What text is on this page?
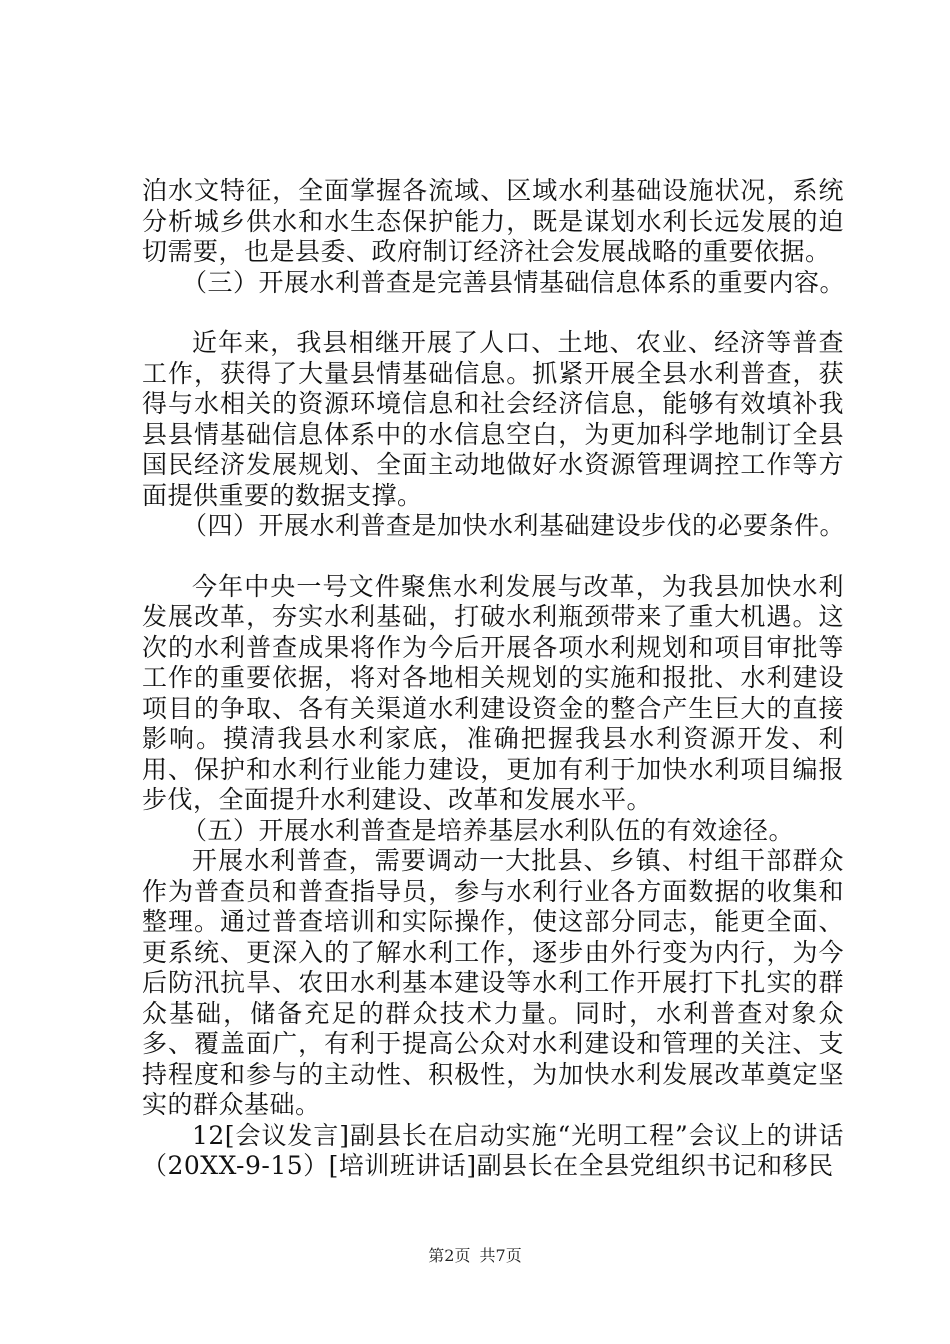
泊水文特征，全面掌握各流域、区域水利基础设施状况，系统分析城乡供水和水生态保护能力，既是谋划水利长远发展的迫切需要，也是县委、政府制订经济社会发展战略的重要依据。

（三）开展水利普查是完善县情基础信息体系的重要内容。

近年来，我县相继开展了人口、土地、农业、经济等普查工作，获得了大量县情基础信息。抓紧开展全县水利普查，获得与水相关的资源环境信息和社会经济信息，能够有效填补我县县情基础信息体系中的水信息空白，为更加科学地制订全县国民经济发展规划、全面主动地做好水资源管理调控工作等方面提供重要的数据支撑。

（四）开展水利普查是加快水利基础建设步伐的必要条件。

今年中央一号文件聚焦水利发展与改革，为我县加快水利发展改革，夯实水利基础，打破水利瓶颈带来了重大机遇。这次的水利普查成果将作为今后开展各项水利规划和项目审批等工作的重要依据，将对各地相关规划的实施和报批、水利建设项目的争取、各有关渠道水利建设资金的整合产生巨大的直接影响。摸清我县水利家底，准确把握我县水利资源开发、利用、保护和水利行业能力建设，更加有利于加快水利项目编报步伐，全面提升水利建设、改革和发展水平。

（五）开展水利普查是培养基层水利队伍的有效途径。

开展水利普查，需要调动一大批县、乡镇、村组干部群众作为普查员和普查指导员，参与水利行业各方面数据的收集和整理。通过普查培训和实际操作，使这部分同志，能更全面、更系统、更深入的了解水利工作，逐步由外行变为内行，为今后防汛抗旱、农田水利基本建设等水利工作开展打下扎实的群众基础，储备充足的群众技术力量。同时，水利普查对象众多、覆盖面广，有利于提高公众对水利建设和管理的关注、支持程度和参与的主动性、积极性，为加快水利发展改革奠定坚实的群众基础。

12[会议发言]副县长在启动实施“光明工程”会议上的讲话（20XX-9-15）[培训班讲话]副县长在全县党组织书记和移民

第2页 共7页
